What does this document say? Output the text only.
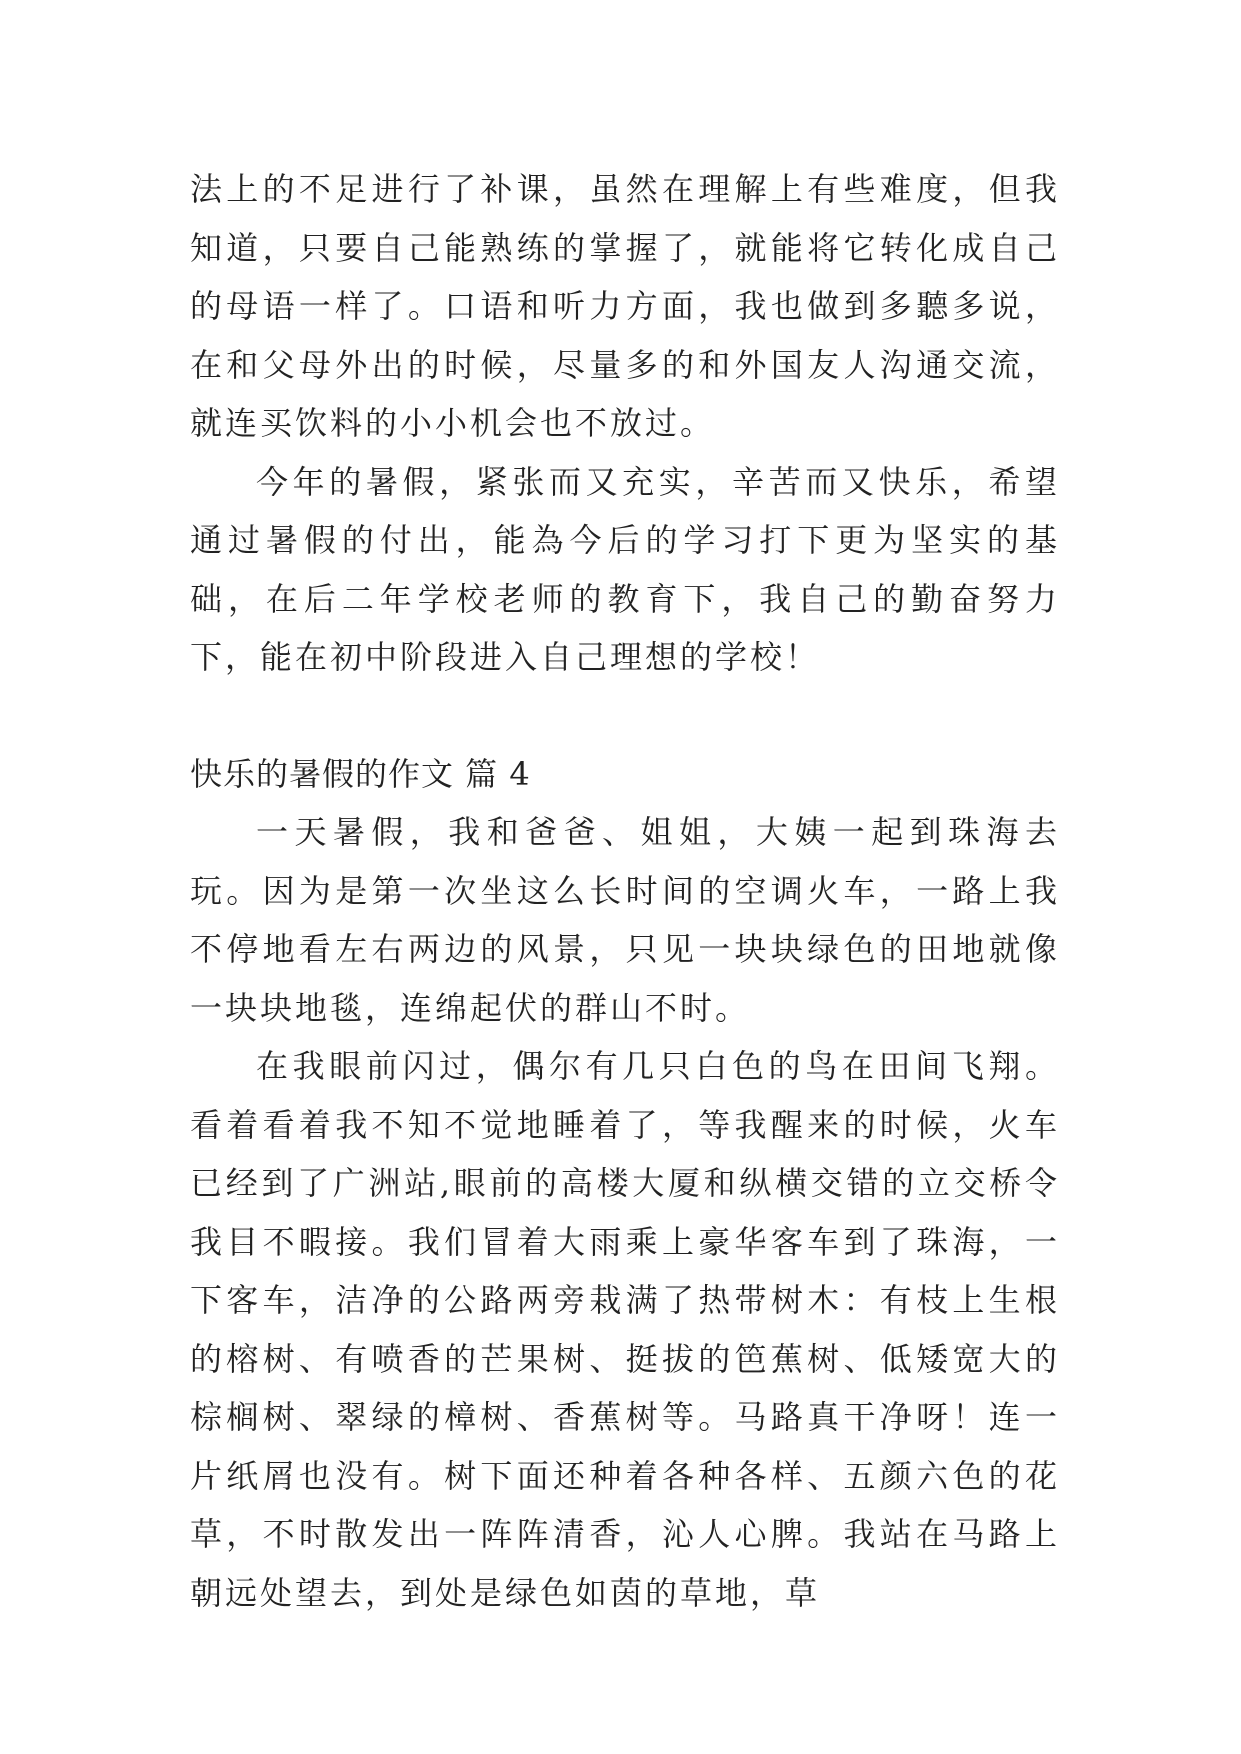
法上的不足进行了补课，虽然在理解上有些难度，但我知道，只要自己能熟练的掌握了，就能将它转化成自己的母语一样了。口语和听力方面，我也做到多聽多说，在和父母外出的时候，尽量多的和外国友人沟通交流，就连买饮料的小小机会也不放过。

今年的暑假，紧张而又充实，辛苦而又快乐，希望通过暑假的付出，能為今后的学习打下更为坚实的基础，在后二年学校老师的教育下，我自己的勤奋努力下，能在初中阶段进入自己理想的学校！

快乐的暑假的作文 篇 4

一天暑假，我和爸爸、姐姐，大姨一起到珠海去玩。因为是第一次坐这么长时间的空调火车，一路上我不停地看左右两边的风景，只见一块块绿色的田地就像一块块地毯，连绵起伏的群山不时。

在我眼前闪过，偶尔有几只白色的鸟在田间飞翔。看着看着我不知不觉地睡着了，等我醒来的时候，火车已经到了广洲站,眼前的高楼大厦和纵横交错的立交桥令我目不暇接。我们冒着大雨乘上豪华客车到了珠海，一下客车，洁净的公路两旁栽满了热带树木：有枝上生根的榕树、有喷香的芒果树、挺拔的笆蕉树、低矮宽大的棕榈树、翠绿的樟树、香蕉树等。马路真干净呀！连一片纸屑也没有。树下面还种着各种各样、五颜六色的花草，不时散发出一阵阵清香，沁人心脾。我站在马路上朝远处望去，到处是绿色如茵的草地，草
